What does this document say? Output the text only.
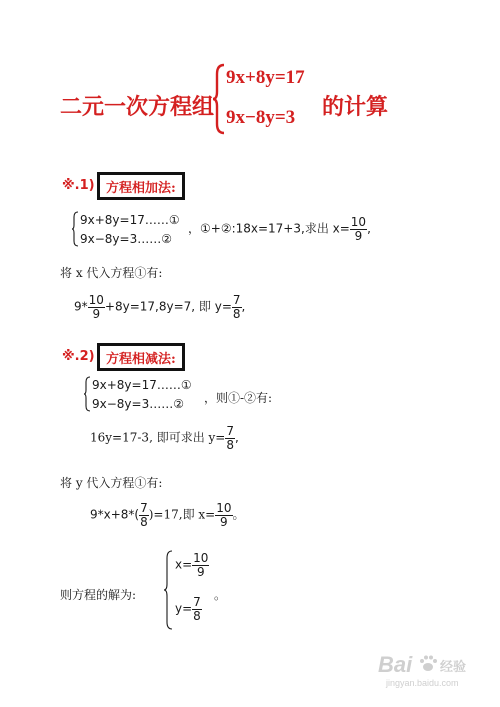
二元一次方程组
9x+8y=17
9x−8y=3 的计算
※.1) 方程相加法:
9x+8y=17……①
9x−8y=3……②
，①+②:18x=17+3,求出 $x= \frac{10}{9}$ ,
将 x 代入方程①有:
$9* \frac{10}{9} +8y=17,8y=7$, 即 $y= \frac{7}{8}$ ,
※.2) 方程相减法:
9x+8y=17……①
9x−8y=3……② ，则①-②有:
16y=17-3, 即可求出 $y= \frac{7}{8}$ ,
将 y 代入方程①有:
$9*x+8*( \frac{7}{8} )=17$,即 $x= \frac{10}{9}$ 。
则方程的解为:
$x= \frac{10}{9}$
$y= \frac{7}{8}$
。
Bai 经验
jingyan.baidu.com
